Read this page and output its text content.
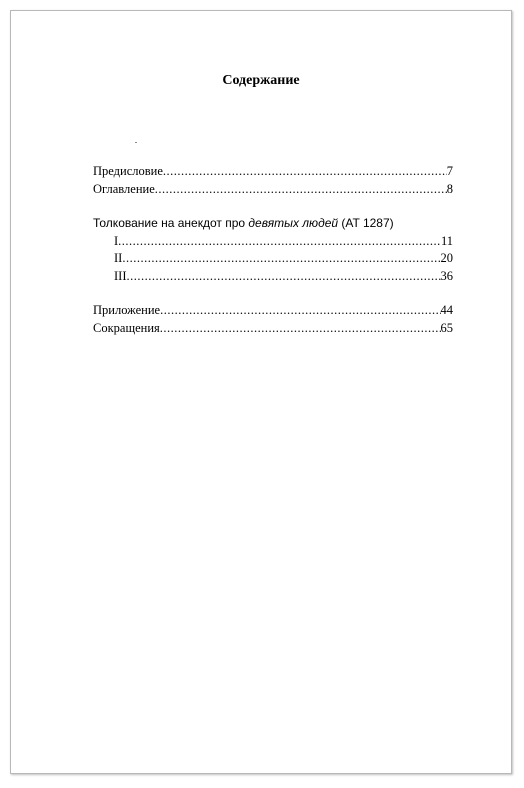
Содержание
Предисловие .....	7
Оглавление .....	8
Толкование на анекдот про девятых людей (AT 1287)
I .....	11
II .....	20
III .....	36
Приложение .....	44
Сокращения .....	65
